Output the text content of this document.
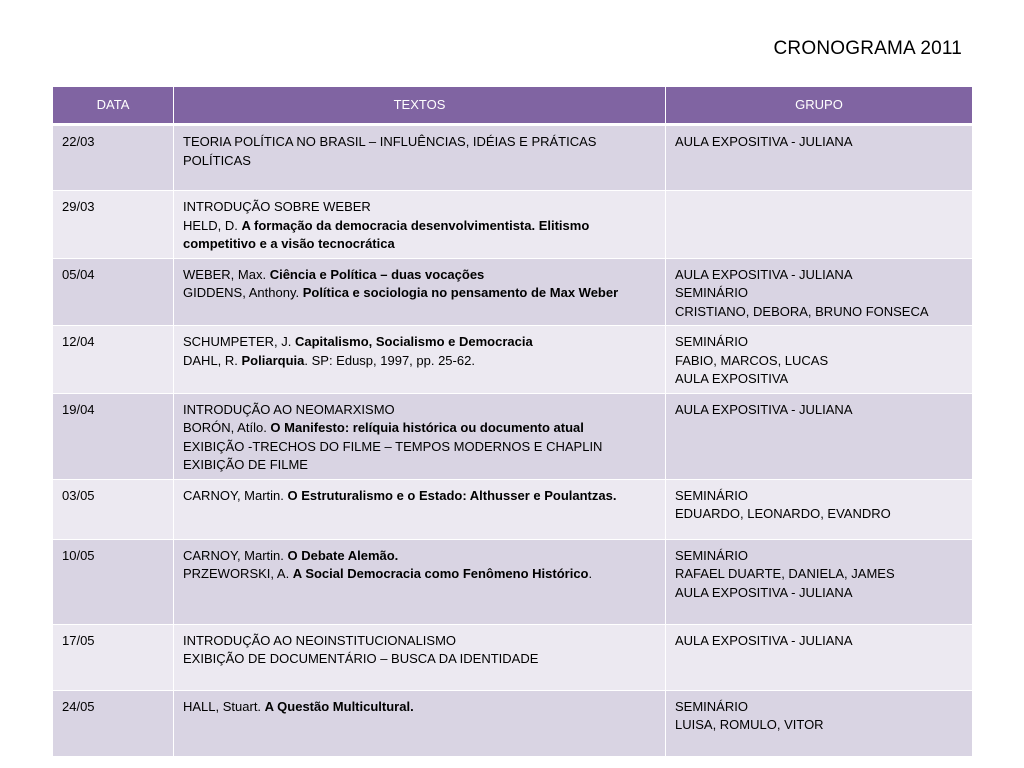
CRONOGRAMA 2011
DATA	TEXTOS	GRUPO
22/03	TEORIA POLÍTICA NO BRASIL – INFLUÊNCIAS, IDÉIAS E PRÁTICAS POLÍTICAS	AULA EXPOSITIVA - JULIANA

29/03	INTRODUÇÃO SOBRE WEBER
HELD, D. A formação da democracia desenvolvimentista. Elitismo competitivo e a visão tecnocrática	

05/04	WEBER, Max. Ciência e Política – duas vocações
GIDDENS, Anthony. Política e sociologia no pensamento de Max Weber	AULA EXPOSITIVA - JULIANA
SEMINÁRIO
CRISTIANO, DEBORA, BRUNO FONSECA

12/04	SCHUMPETER, J. Capitalismo, Socialismo e Democracia
DAHL, R. Poliarquia. SP: Edusp, 1997, pp. 25-62.	SEMINÁRIO
FABIO, MARCOS, LUCAS
AULA EXPOSITIVA

19/04	INTRODUÇÃO AO NEOMARXISMO
BORÓN, Atílo. O Manifesto: relíquia histórica ou documento atual
EXIBIÇÃO -TRECHOS DO FILME – TEMPOS MODERNOS E CHAPLIN
EXIBIÇÃO DE FILME	AULA EXPOSITIVA - JULIANA

03/05	CARNOY, Martin. O Estruturalismo e o Estado: Althusser e Poulantzas.	SEMINÁRIO
EDUARDO, LEONARDO, EVANDRO

10/05	CARNOY, Martin. O Debate Alemão.
PRZEWORSKI, A. A Social Democracia como Fenômeno Histórico.	SEMINÁRIO
RAFAEL DUARTE, DANIELA, JAMES
AULA EXPOSITIVA - JULIANA

17/05	INTRODUÇÃO AO NEOINSTITUCIONALISMO
EXIBIÇÃO DE DOCUMENTÁRIO – BUSCA DA IDENTIDADE	AULA EXPOSITIVA - JULIANA

24/05	HALL, Stuart. A Questão Multicultural.	SEMINÁRIO
LUISA, ROMULO, VITOR
